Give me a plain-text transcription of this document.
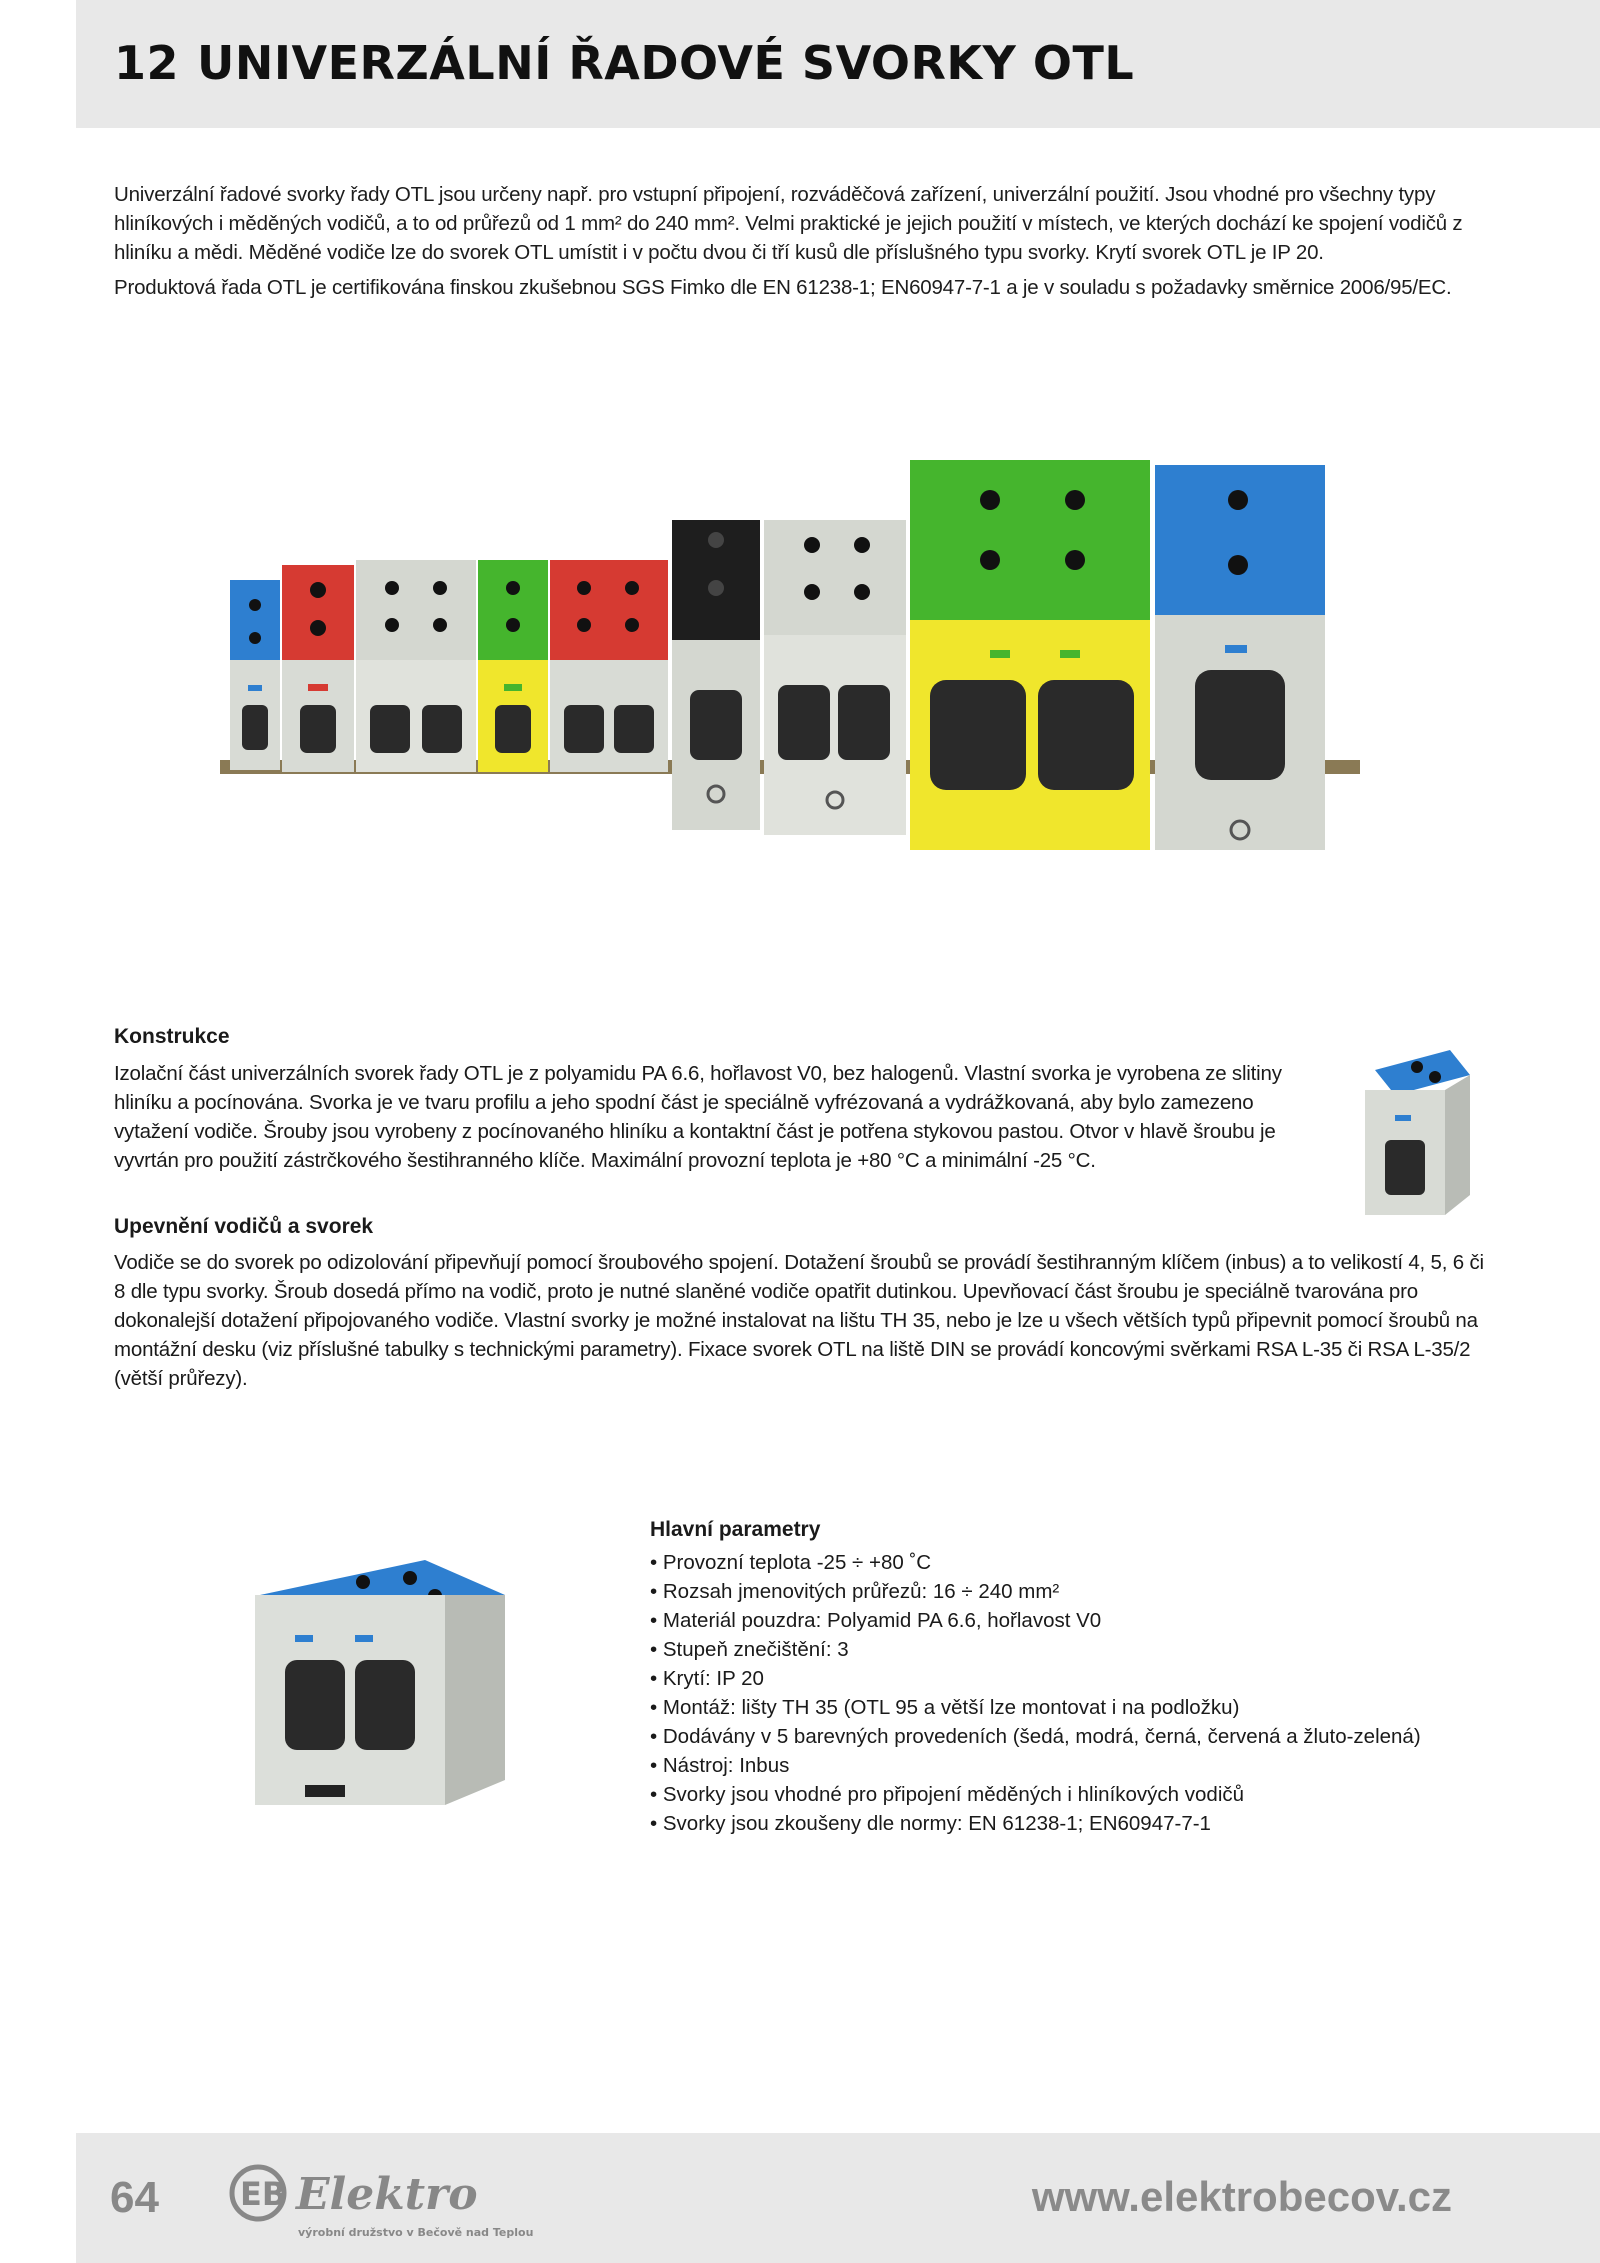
12 UNIVERZÁLNÍ ŘADOVÉ SVORKY OTL

Univerzální řadové svorky řady OTL jsou určeny např. pro vstupní připojení, rozváděčová zařízení, univerzální použití. Jsou vhodné pro všechny typy hliníkových i měděných vodičů, a to od průřezů od 1 mm² do 240 mm². Velmi praktické je jejich použití v místech, ve kterých dochází ke spojení vodičů z hliníku a mědi. Měděné vodiče lze do svorek OTL umístit i v počtu dvou či tří kusů dle příslušného typu svorky. Krytí svorek OTL je IP 20.

Produktová řada OTL je certifikována finskou zkušebnou SGS Fimko dle EN 61238-1; EN60947-7-1 a je v souladu s požadavky směrnice 2006/95/EC.

Konstrukce

Izolační část univerzálních svorek řady OTL je z polyamidu PA 6.6, hořlavost V0, bez halogenů. Vlastní svorka je vyrobena ze slitiny hliníku a pocínována. Svorka je ve tvaru profilu a jeho spodní část je speciálně vyfrézovaná a vydrážkovaná, aby bylo zamezeno vytažení vodiče. Šrouby jsou vyrobeny z pocínovaného hliníku a kontaktní část je potřena stykovou pastou. Otvor v hlavě šroubu je vyvrtán pro použití zástrčkového šestihranného klíče. Maximální provozní teplota je +80 °C a minimální -25 °C.

Upevnění vodičů a svorek

Vodiče se do svorek po odizolování připevňují pomocí šroubového spojení. Dotažení šroubů se provádí šestihranným klíčem (inbus) a to velikostí 4, 5, 6 či 8 dle typu svorky. Šroub dosedá přímo na vodič, proto je nutné slaněné vodiče opatřit dutinkou. Upevňovací část šroubu je speciálně tvarována pro dokonalejší dotažení připojovaného vodiče. Vlastní svorky je možné instalovat na lištu TH 35, nebo je lze u všech větších typů připevnit pomocí šroubů na montážní desku (viz příslušné tabulky s technickými parametry). Fixace svorek OTL na liště DIN se provádí koncovými svěrkami RSA L-35 či RSA L-35/2 (větší průřezy).

Hlavní parametry
• Provozní teplota -25 ÷ +80 ˚C
• Rozsah jmenovitých průřezů: 16 ÷ 240 mm²
• Materiál pouzdra: Polyamid PA 6.6, hořlavost V0
• Stupeň znečištění: 3
• Krytí: IP 20
• Montáž: lišty TH 35 (OTL 95 a větší lze montovat i na podložku)
• Dodávány v 5 barevných provedeních (šedá, modrá, černá, červená a žluto-zelená)
• Nástroj: Inbus
• Svorky jsou vhodné pro připojení měděných i hliníkových vodičů
• Svorky jsou zkoušeny dle normy: EN 61238-1; EN60947-7-1
64	EB Elektro
výrobní družstvo v Bečově nad Teplou
www.elektrobecov.cz
